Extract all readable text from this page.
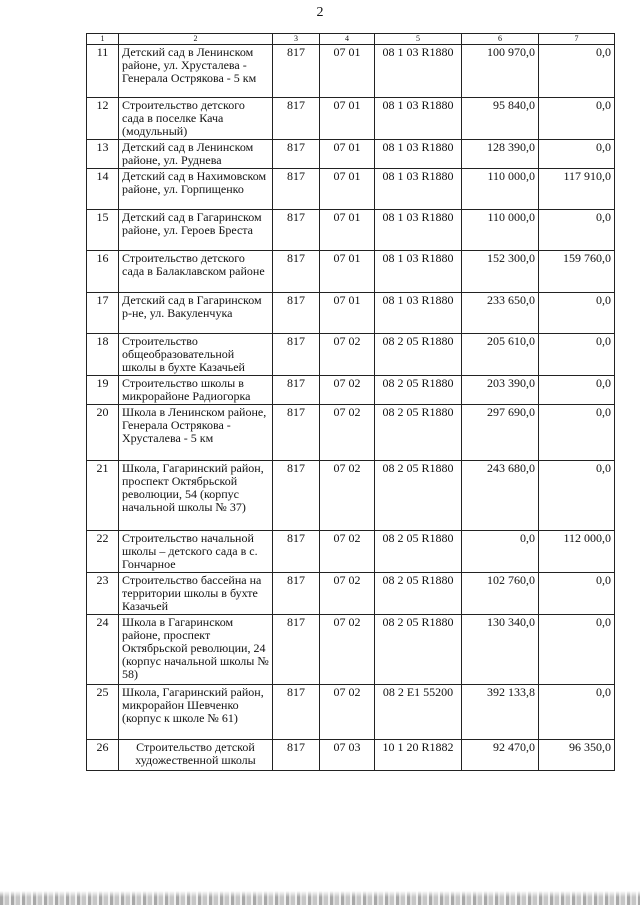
2
1	2	3	4	5	6	7
11	Детский сад в Ленинском районе, ул. Хрусталева - Генерала Острякова - 5 км	817	07 01	08 1 03 R1880	100 970,0	0,0
12	Строительство детского сада в поселке Кача (модульный)	817	07 01	08 1 03 R1880	95 840,0	0,0
13	Детский сад в Ленинском районе, ул. Руднева	817	07 01	08 1 03 R1880	128 390,0	0,0
14	Детский сад в Нахимовском районе, ул. Горпищенко	817	07 01	08 1 03 R1880	110 000,0	117 910,0
15	Детский сад в Гагаринском районе, ул. Героев Бреста	817	07 01	08 1 03 R1880	110 000,0	0,0
16	Строительство детского сада в Балаклавском районе	817	07 01	08 1 03 R1880	152 300,0	159 760,0
17	Детский сад в Гагаринском р-не, ул. Вакуленчука	817	07 01	08 1 03 R1880	233 650,0	0,0
18	Строительство общеобразовательной школы в бухте Казачьей	817	07 02	08 2 05 R1880	205 610,0	0,0
19	Строительство школы в микрорайоне Радиогорка	817	07 02	08 2 05 R1880	203 390,0	0,0
20	Школа в Ленинском районе, Генерала Острякова - Хрусталева - 5 км	817	07 02	08 2 05 R1880	297 690,0	0,0
21	Школа, Гагаринский район, проспект Октябрьской революции, 54 (корпус начальной школы № 37)	817	07 02	08 2 05 R1880	243 680,0	0,0
22	Строительство начальной школы – детского сада в с. Гончарное	817	07 02	08 2 05 R1880	0,0	112 000,0
23	Строительство бассейна на территории школы в бухте Казачьей	817	07 02	08 2 05 R1880	102 760,0	0,0
24	Школа в Гагаринском районе, проспект Октябрьской революции, 24 (корпус начальной школы № 58)	817	07 02	08 2 05 R1880	130 340,0	0,0
25	Школа, Гагаринский район, микрорайон Шевченко (корпус к школе № 61)	817	07 02	08 2 E1 55200	392 133,8	0,0
26	Строительство детской художественной школы	817	07 03	10 1 20 R1882	92 470,0	96 350,0
